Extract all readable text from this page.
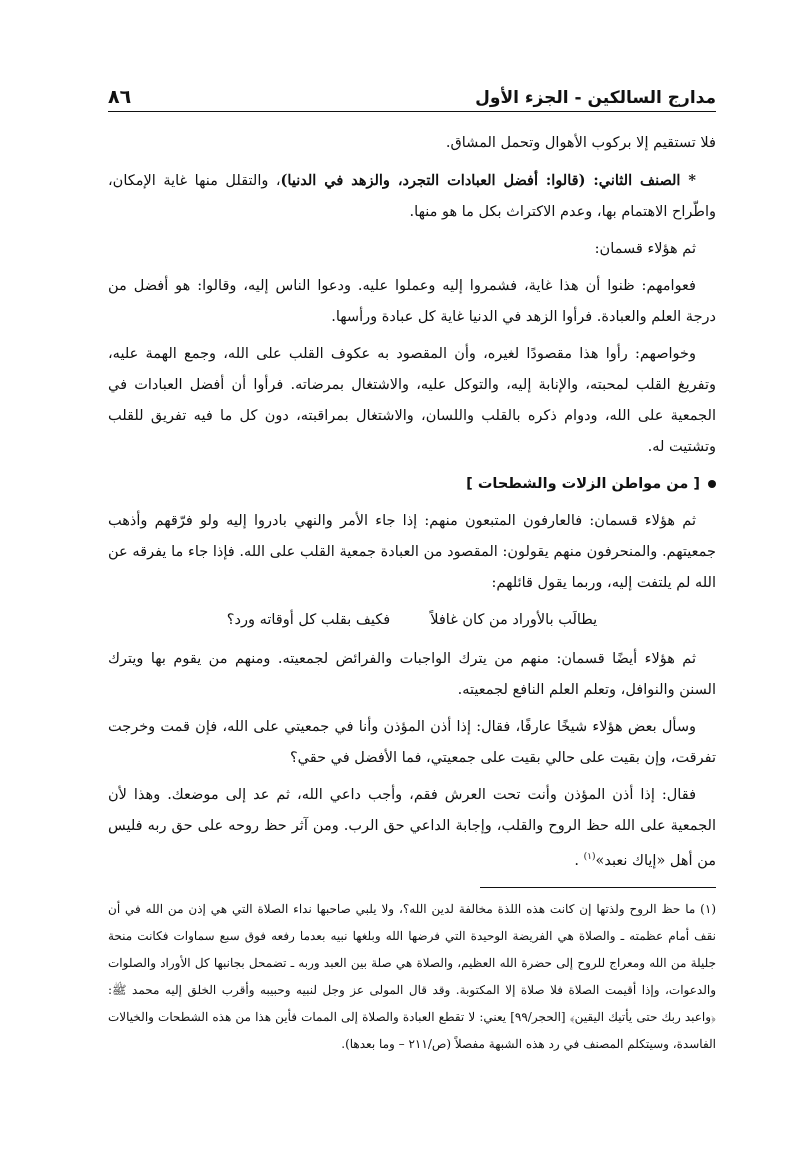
مدارج السالكين - الجزء الأول
٨٦

فلا تستقيم إلا بركوب الأهوال وتحمل المشاق.

* الصنف الثاني: (قالوا: أفضل العبادات التجرد، والزهد في الدنيا)، والتقلل منها غاية الإمكان، واطّراح الاهتمام بها، وعدم الاكتراث بكل ما هو منها.

ثم هؤلاء قسمان:

فعوامهم: ظنوا أن هذا غاية، فشمروا إليه وعملوا عليه. ودعوا الناس إليه، وقالوا: هو أفضل من درجة العلم والعبادة. فرأوا الزهد في الدنيا غاية كل عبادة ورأسها.

وخواصهم: رأوا هذا مقصودًا لغيره، وأن المقصود به عكوف القلب على الله، وجمع الهمة عليه، وتفريغ القلب لمحبته، والإنابة إليه، والتوكل عليه، والاشتغال بمرضاته. فرأوا أن أفضل العبادات في الجمعية على الله، ودوام ذكره بالقلب واللسان، والاشتغال بمراقبته، دون كل ما فيه تفريق للقلب وتشتيت له.

[ من مواطن الزلات والشطحات ]

ثم هؤلاء قسمان: فالعارفون المتبعون منهم: إذا جاء الأمر والنهي بادروا إليه ولو فرّقهم وأذهب جمعيتهم. والمنحرفون منهم يقولون: المقصود من العبادة جمعية القلب على الله. فإذا جاء ما يفرقه عن الله لم يلتفت إليه، وربما يقول قائلهم:

يطالَب بالأوراد من كان غافلاً
فكيف بقلب كل أوقاته ورد؟

ثم هؤلاء أيضًا قسمان: منهم من يترك الواجبات والفرائض لجمعيته. ومنهم من يقوم بها ويترك السنن والنوافل، وتعلم العلم النافع لجمعيته.

وسأل بعض هؤلاء شيخًا عارفًا، فقال: إذا أذن المؤذن وأنا في جمعيتي على الله، فإن قمت وخرجت تفرقت، وإن بقيت على حالي بقيت على جمعيتي، فما الأفضل في حقي؟

فقال: إذا أذن المؤذن وأنت تحت العرش فقم، وأجب داعي الله، ثم عد إلى موضعك. وهذا لأن الجمعية على الله حظ الروح والقلب، وإجابة الداعي حق الرب. ومن آثر حظ روحه على حق ربه فليس من أهل «إياك نعبد»$^{(١)}$ .

(١) ما حظ الروح ولذتها إن كانت هذه اللذة مخالفة لدين الله؟، ولا يلبي صاحبها نداء الصلاة التي هي إذن من الله في أن نقف أمام عظمته ـ والصلاة هي الفريضة الوحيدة التي فرضها الله وبلغها نبيه بعدما رفعه فوق سبع سماوات فكانت منحة جليلة من الله ومعراج للروح إلى حضرة الله العظيم، والصلاة هي صلة بين العبد وربه ـ تضمحل بجانبها كل الأوراد والصلوات والدعوات، وإذا أقيمت الصلاة فلا صلاة إلا المكتوبة. وقد قال المولى عز وجل لنبيه وحبيبه وأقرب الخلق إليه محمد ﷺ: ﴿واعبد ربك حتى يأتيك اليقين﴾ [الحجر/٩٩] يعني: لا تقطع العبادة والصلاة إلى الممات فأين هذا من هذه الشطحات والخيالات الفاسدة، وسيتكلم المصنف في رد هذه الشبهة مفصلاً (ص/٢١١ – وما بعدها).
